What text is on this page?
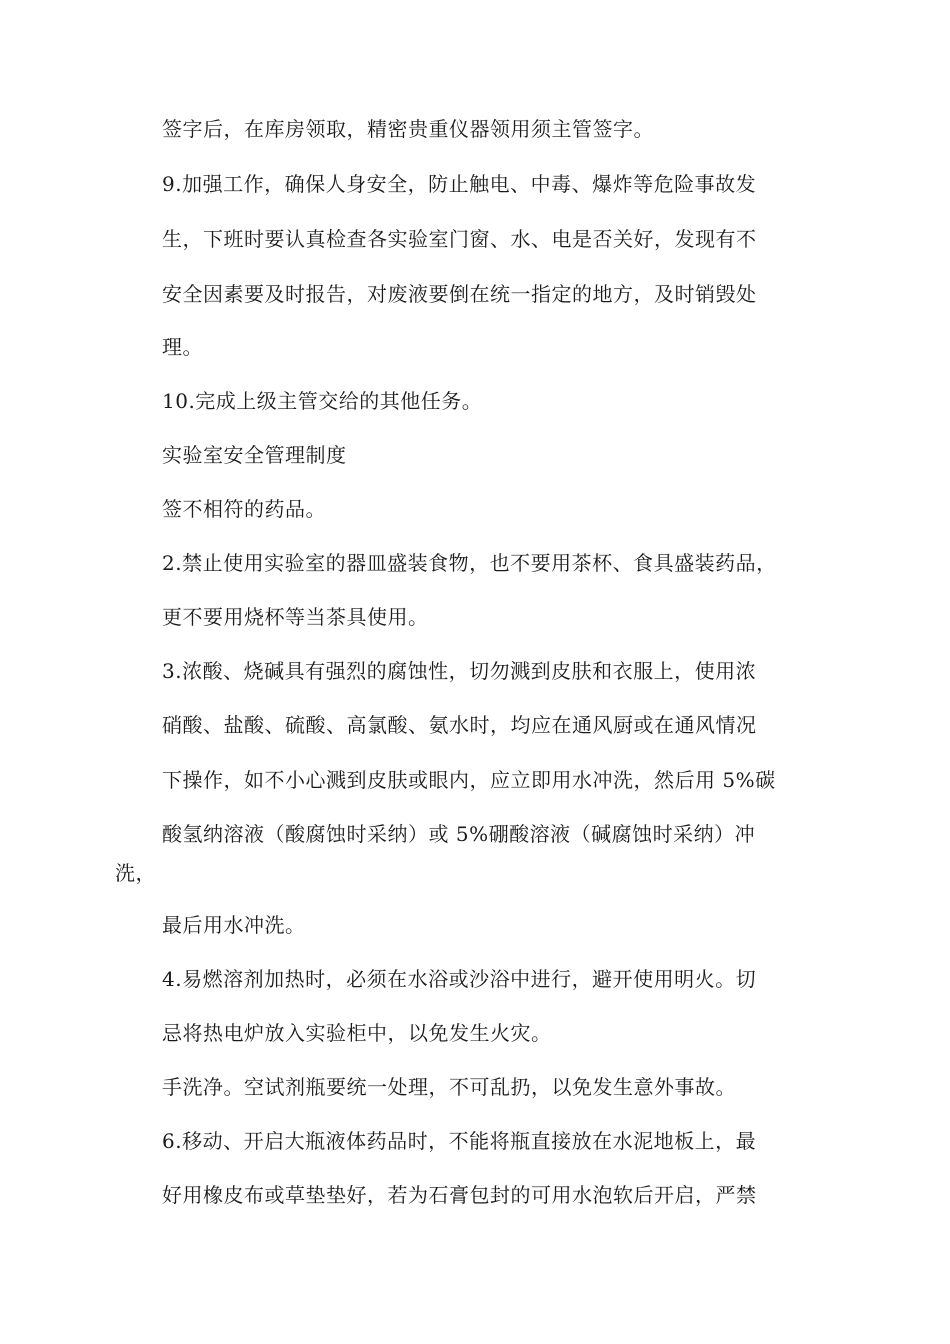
签字后，在库房领取，精密贵重仪器领用须主管签字。
9.加强工作，确保人身安全，防止触电、中毒、爆炸等危险事故发
生，下班时要认真检查各实验室门窗、水、电是否关好，发现有不
安全因素要及时报告，对废液要倒在统一指定的地方，及时销毁处
理。
10.完成上级主管交给的其他任务。
实验室安全管理制度
签不相符的药品。
2.禁止使用实验室的器皿盛装食物，也不要用茶杯、食具盛装药品，
更不要用烧杯等当茶具使用。
3.浓酸、烧碱具有强烈的腐蚀性，切勿溅到皮肤和衣服上，使用浓
硝酸、盐酸、硫酸、高氯酸、氨水时，均应在通风厨或在通风情况
下操作，如不小心溅到皮肤或眼内，应立即用水冲洗，然后用 5%碳
酸氢纳溶液（酸腐蚀时采纳）或 5%硼酸溶液（碱腐蚀时采纳）冲
洗，
最后用水冲洗。
4.易燃溶剂加热时，必须在水浴或沙浴中进行，避开使用明火。切
忌将热电炉放入实验柜中，以免发生火灾。
手洗净。空试剂瓶要统一处理，不可乱扔，以免发生意外事故。
6.移动、开启大瓶液体药品时，不能将瓶直接放在水泥地板上，最
好用橡皮布或草垫垫好，若为石膏包封的可用水泡软后开启，严禁
